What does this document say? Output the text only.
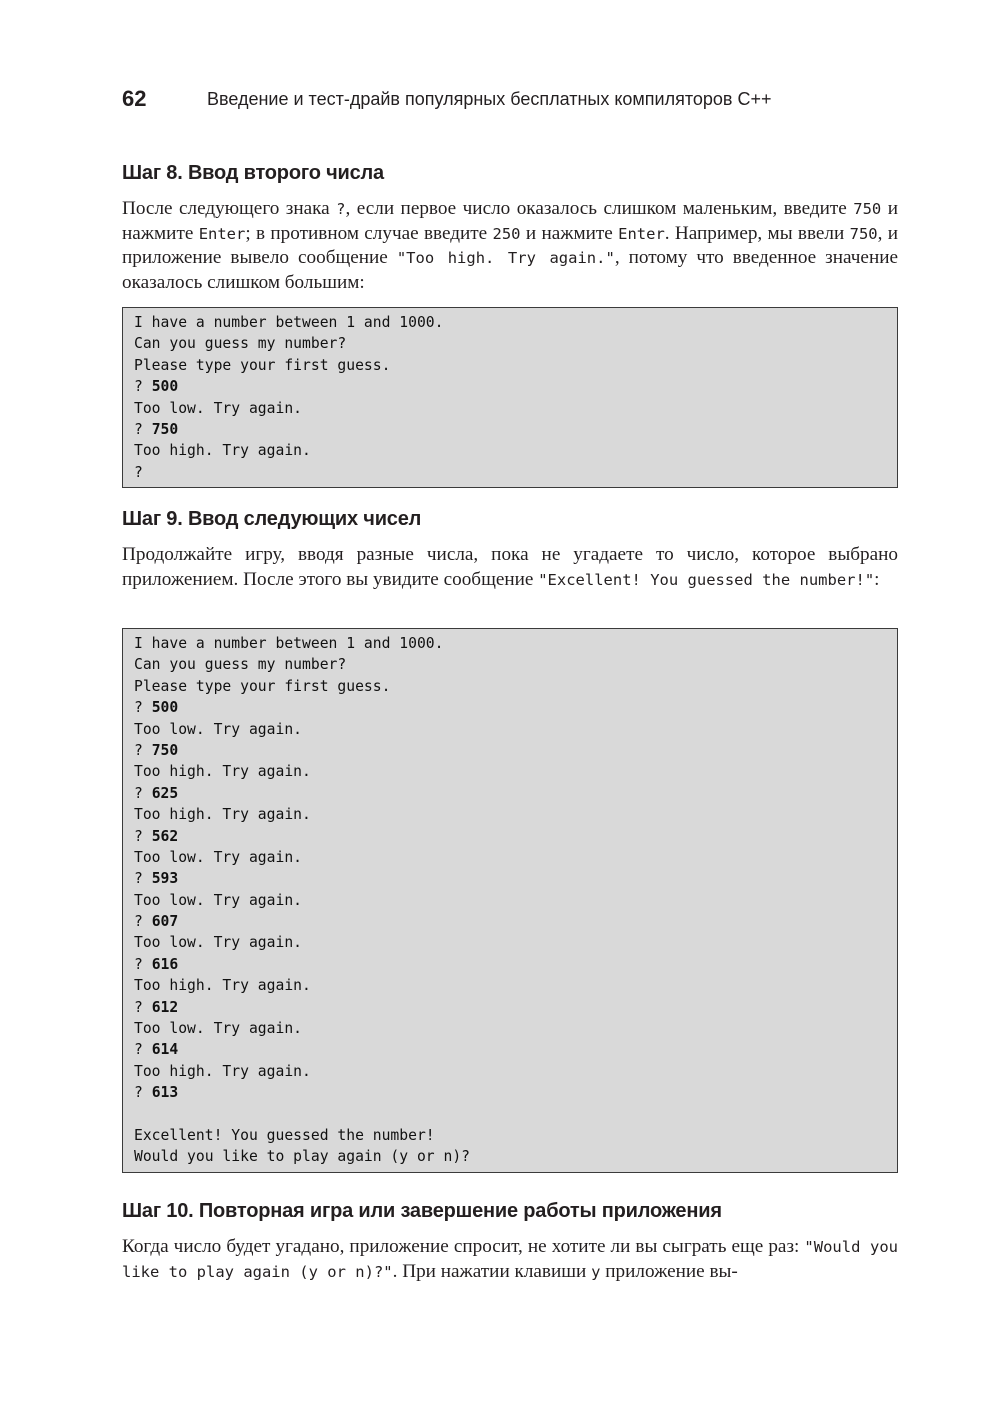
62	Введение и тест-драйв популярных бесплатных компиляторов С++
Шаг 8. Ввод второго числа

После следующего знака ?, если первое число оказалось слишком маленьким, введите 750 и нажмите Enter; в противном случае введите 250 и нажмите Enter. Например, мы ввели 750, и приложение вывело сообщение "Too high. Try again.", потому что введенное значение оказалось слишком большим:

I have a number between 1 and 1000.
Can you guess my number?
Please type your first guess.
? 500
Too low. Try again.
? 750
Too high. Try again.
?
Шаг 9. Ввод следующих чисел

Продолжайте игру, вводя разные числа, пока не угадаете то число, которое выбрано приложением. После этого вы увидите сообщение "Excellent! You guessed the number!":

I have a number between 1 and 1000.
Can you guess my number?
Please type your first guess.
? 500
Too low. Try again.
? 750
Too high. Try again.
? 625
Too high. Try again.
? 562
Too low. Try again.
? 593
Too low. Try again.
? 607
Too low. Try again.
? 616
Too high. Try again.
? 612
Too low. Try again.
? 614
Too high. Try again.
? 613
Excellent! You guessed the number!
Would you like to play again (y or n)?
Шаг 10. Повторная игра или завершение работы приложения

Когда число будет угадано, приложение спросит, не хотите ли вы сыграть еще раз: "Would you like to play again (y or n)?". При нажатии клавиши y приложение вы-
